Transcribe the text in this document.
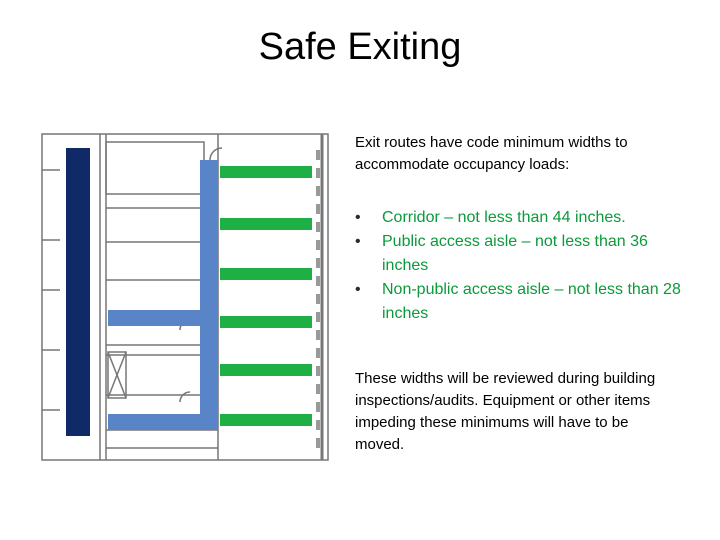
Safe Exiting

Exit routes have code minimum widths to accommodate occupancy loads:

• Corridor – not less than 44 inches.
• Public access aisle – not less than 36 inches
• Non-public access aisle – not less than 28 inches

These widths will be reviewed during building inspections/audits. Equipment or other items impeding these minimums will have to be moved.
